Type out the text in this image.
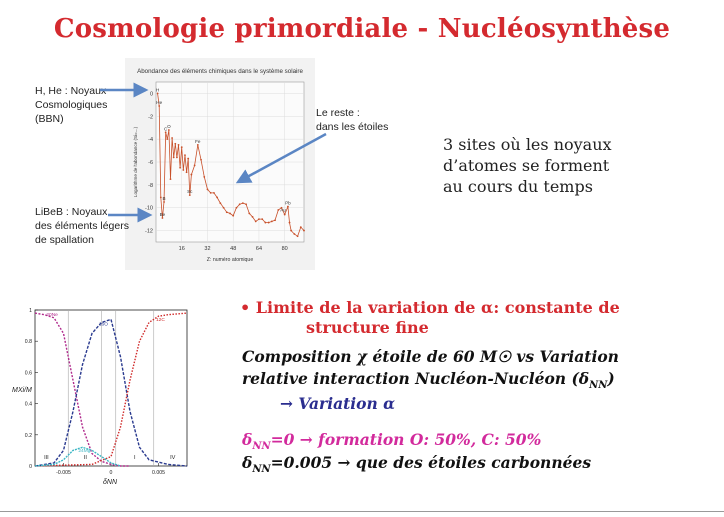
Cosmologie primordiale - Nucléosynthèse
Abondance des éléments chimiques dans le système solaire
0
-2
-4
-6
-8
-10
-12
16	32	48	64	80
H
He
C O
Fe
Pb
Be
B
Sc
Au
Logarithme de l'abondance (Si=...)
Z: numéro atomique
H, He : Noyaux
Cosmologiques
(BBN)	Le reste :
dans les étoiles
LiBeB : Noyaux
des éléments légers
de spallation
3 sites où les noyaux
d’atomes se forment
au cours du temps
0
0.2
0.4
0.6
0.8
1
-0.005	0	0.005
20Ne
16O
12C
24Mg
III	II	I	IV
MXi/M
δNN
• Limite de la variation de α: constante de
structure fine
Composition χ étoile de 60 M☉ vs Variation
relative interaction Nucléon-Nucléon $(\delta_{NN})$
→ Variation α
$\delta_{NN}=0$ → formation O: 50%, C: 50%
$\delta_{NN}=0.005$ → que des étoiles carbonnées
